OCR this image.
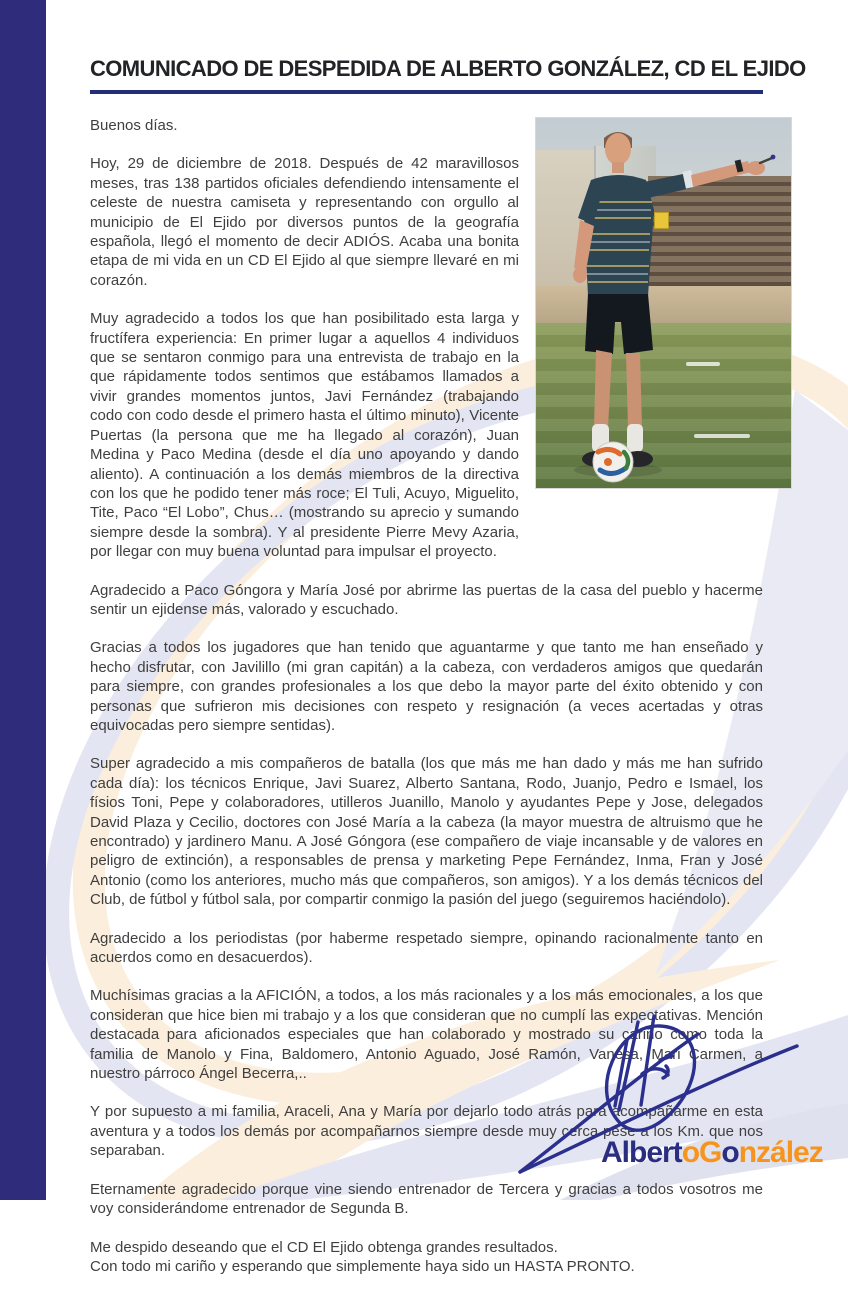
COMUNICADO DE DESPEDIDA DE ALBERTO GONZÁLEZ, CD EL EJIDO

Buenos días.

Hoy, 29 de diciembre de 2018. Después de 42 maravillosos meses, tras 138 partidos oficiales defendiendo intensamente el celeste de nuestra camiseta y representando con orgullo al municipio de El Ejido por diversos puntos de la geografía española, llegó el momento de decir ADIÓS. Acaba una bonita etapa de mi vida en un CD El Ejido al que siempre llevaré en mi corazón.

Muy agradecido a todos los que han posibilitado esta larga y fructífera experiencia: En primer lugar a aquellos 4 individuos que se sentaron conmigo para una entrevista de trabajo en la que rápidamente todos sentimos que estábamos llamados a vivir grandes momentos juntos, Javi Fernández (trabajando codo con codo desde el primero hasta el último minuto), Vicente Puertas (la persona que me ha llegado al corazón), Juan Medina y Paco Medina (desde el día uno apoyando y dando aliento). A continuación a los demás miembros de la directiva con los que he podido tener más roce; El Tuli, Acuyo, Miguelito, Tite, Paco “El Lobo”, Chus… (mostrando su aprecio y sumando siempre desde la sombra). Y al presidente Pierre Mevy Azaria, por llegar con muy buena voluntad para impulsar el proyecto.

Agradecido a Paco Góngora y María José por abrirme las puertas de la casa del pueblo y hacerme sentir un ejidense más, valorado y escuchado.

Gracias a todos los jugadores que han tenido que aguantarme y que tanto me han enseñado y hecho disfrutar, con Javilillo (mi gran capitán) a la cabeza, con verdaderos amigos que quedarán para siempre, con grandes profesionales a los que debo la mayor parte del éxito obtenido y con personas que sufrieron mis decisiones con respeto y resignación (a veces acertadas y otras equivocadas pero siempre sentidas).

Super agradecido a mis compañeros de batalla (los que más me han dado y más me han sufrido cada día): los técnicos Enrique, Javi Suarez, Alberto Santana, Rodo, Juanjo, Pedro e Ismael, los físios Toni, Pepe y colaboradores, utilleros Juanillo, Manolo y ayudantes Pepe y Jose, delegados David Plaza y Cecilio, doctores con José María a la cabeza (la mayor muestra de altruismo que he encontrado) y jardinero Manu. A José Góngora (ese compañero de viaje incansable y de valores en peligro de extinción), a responsables de prensa y marketing Pepe Fernández, Inma, Fran y José Antonio (como los anteriores, mucho más que compañeros, son amigos). Y a los demás técnicos del Club, de fútbol y fútbol sala, por compartir conmigo la pasión del juego (seguiremos haciéndolo).

Agradecido a los periodistas (por haberme respetado siempre, opinando racionalmente tanto en acuerdos como en desacuerdos).

Muchísimas gracias a la AFICIÓN, a todos, a los más racionales y a los más emocionales, a los que consideran que hice bien mi trabajo y a los que consideran que no cumplí las expectativas. Mención destacada para aficionados especiales que han colaborado y mostrado su cariño como toda la familia de Manolo y Fina, Baldomero, Antonio Aguado, José Ramón, Vanesa, Mari Carmen, a nuestro párroco Ángel Becerra,..

Y por supuesto a mi familia, Araceli, Ana y María por dejarlo todo atrás para acompañarme en esta aventura y a todos los demás por acompañarnos siempre desde muy cerca pese a los Km. que nos separaban.

Eternamente agradecido porque vine siendo entrenador de Tercera y gracias a todos vosotros me voy considerándome entrenador de Segunda B.

Me despido deseando que el CD El Ejido obtenga grandes resultados.

Con todo mi cariño y esperando que simplemente haya sido un HASTA PRONTO.

AlbertoGonzález
